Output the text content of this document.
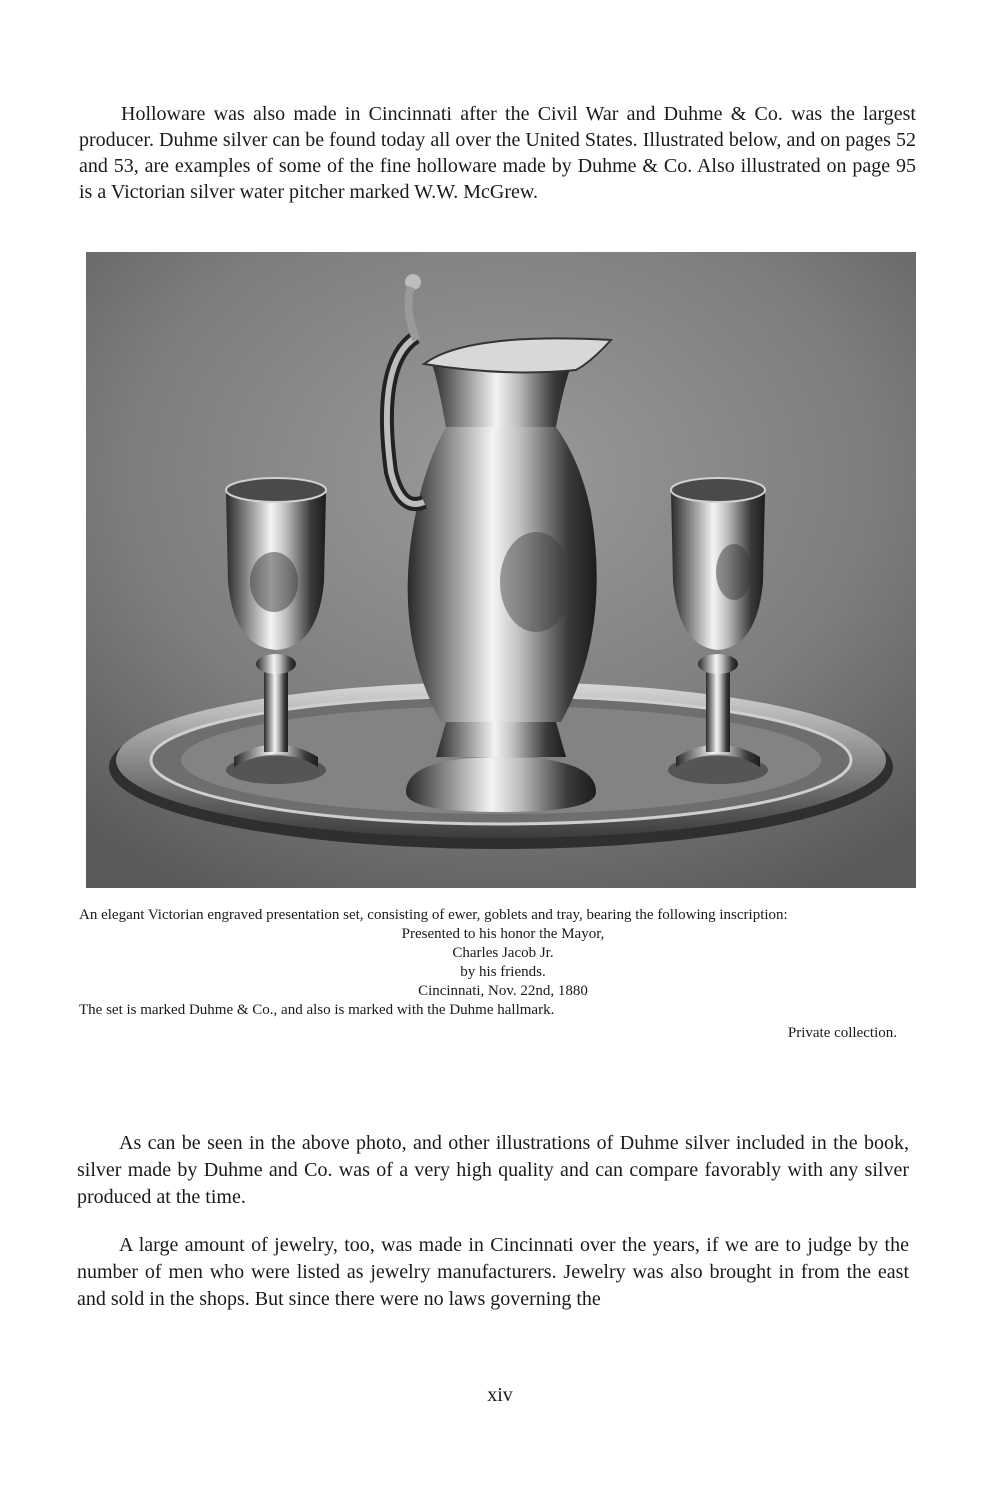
Holloware was also made in Cincinnati after the Civil War and Duhme & Co. was the largest producer. Duhme silver can be found today all over the United States. Illustrated below, and on pages 52 and 53, are examples of some of the fine holloware made by Duhme & Co. Also illustrated on page 95 is a Victorian silver water pitcher marked W.W. McGrew.

An elegant Victorian engraved presentation set, consisting of ewer, goblets and tray, bearing the following inscription:

Presented to his honor the Mayor,
Charles Jacob Jr.
by his friends.
Cincinnati, Nov. 22nd, 1880

The set is marked Duhme & Co., and also is marked with the Duhme hallmark.

Private collection.

As can be seen in the above photo, and other illustrations of Duhme silver included in the book, silver made by Duhme and Co. was of a very high quality and can compare favorably with any silver produced at the time.

A large amount of jewelry, too, was made in Cincinnati over the years, if we are to judge by the number of men who were listed as jewelry manufacturers. Jewelry was also brought in from the east and sold in the shops. But since there were no laws governing the

xiv
